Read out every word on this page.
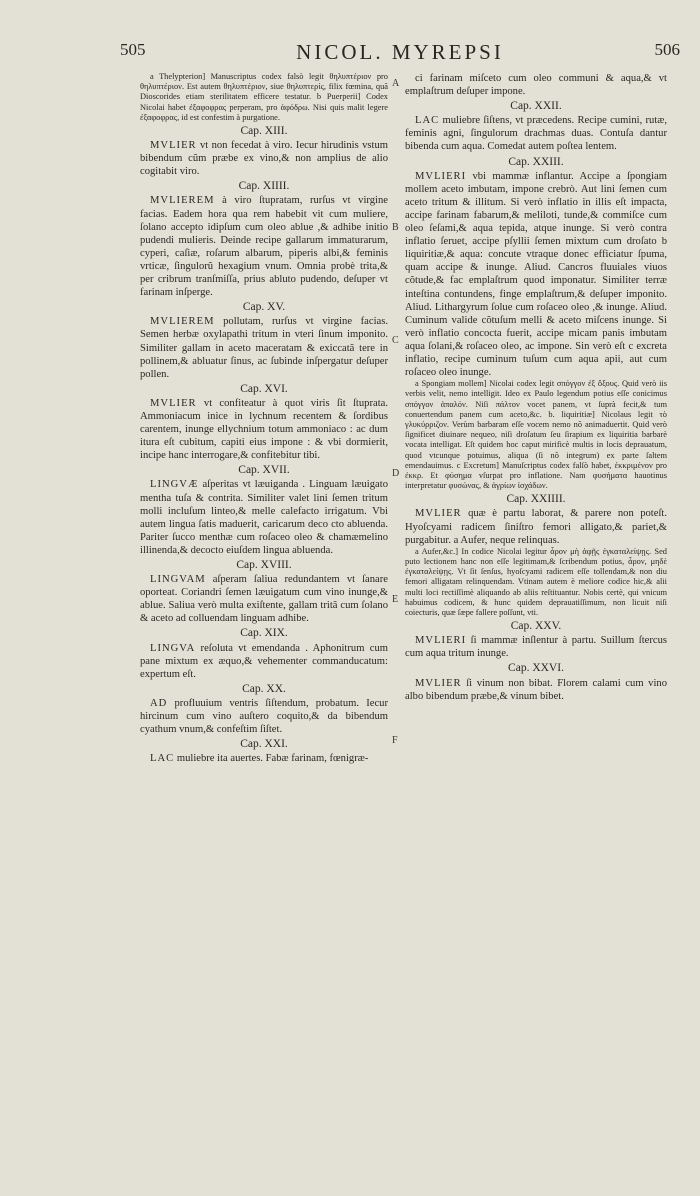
505	NICOL. MYREPSI	506

a Thelypterion] Manuscriptus codex falsò legit θηλυπτέριον pro θηλυπτέριον. Est autem θηλυπτέριον, siue θηλυπτερίς, filix fœmina, quã Dioscorides etiam sterilitatem efficere testatur. b Puerperii] Codex Nicolai habet ἐξαφοφρας perperam, pro ἀφόδρω. Nisi quis malit legere ἐξαφοφρας, id est confestim à purgatione.

Cap. XIII.

MVLIER vt non fecedat à viro. Iecur hirudinis vstum bibendum cũm præbe ex vino,& non amplius de alio cogitabit viro.

Cap. XIIII.

MVLIEREM à viro ſtupratam, rurſus vt virgine facias. Eadem hora qua rem habebit vit cum muliere, ſolano accepto idipſum cum oleo ablue ,& adhibe initio pudendi mulieris. Deinde recipe gallarum immaturarum, cyperi, caſiæ, roſarum albarum, piperis albi,& feminis vrticæ, ſingulorũ hexagium vnum. Omnia probè trita,& per cribrum tranſmiſſa, prius abluto pudendo, deſuper vt farinam inſperge.

Cap. XV.

MVLIEREM pollutam, rurſus vt virgine facias. Semen herbæ oxylapathi tritum in vteri ſinum imponito. Similiter gallam in aceto maceratam & exiccatã tere in pollinem,& abluatur ſinus, ac ſubinde inſpergatur deſuper pollen.

Cap. XVI.

MVLIER vt confiteatur à quot viris ſit ſtuprata. Ammoniacum inice in lychnum recentem & ſordibus carentem, inunge ellychnium totum ammoniaco : ac dum itura eſt cubitum, capiti eius impone : & vbi dormierit, incipe hanc interrogare,& confitebitur tibi.

Cap. XVII.

LINGVÆ aſperitas vt læuiganda . Linguam læuigato mentha tuſa & contrita. Similiter valet lini ſemen tritum molli incluſum linteo,& melle calefacto irrigatum. Vbi autem lingua ſatis maduerit, caricarum deco cto abluenda. Pariter ſucco menthæ cum roſaceo oleo & chamæmelino illinenda,& decocto eiuſdem lingua abluenda.

Cap. XVIII.

LINGVAM aſperam ſaliua redundantem vt ſanare oporteat. Coriandri ſemen læuigatum cum vino inunge,& ablue. Saliua verò multa exiſtente, gallam tritã cum ſolano & aceto ad colluendam linguam adhibe.

Cap. XIX.

LINGVA reſoluta vt emendanda . Aphonitrum cum pane mixtum ex æquo,& vehementer commanducatum: expertum eſt.

Cap. XX.

AD profluuium ventris ſiſtendum, probatum. Iecur hircinum cum vino auſtero coquito,& da bibendum cyathum vnum,& confeſtim ſiſtet.

Cap. XXI.

LAC muliebre ita auertes. Fabæ farinam, fœnigræ-

ci farinam miſceto cum oleo communi & aqua,& vt emplaſtrum deſuper impone.

Cap. XXII.

LAC muliebre ſiſtens, vt præcedens. Recipe cumini, rutæ, feminis agni, ſingulorum drachmas duas. Contuſa dantur bibenda cum aqua. Comedat autem poſtea lentem.

Cap. XXIII.

MVLIERI vbi mammæ inflantur. Accipe a ſpongiam mollem aceto imbutam, impone crebrò. Aut lini ſemen cum aceto tritum & illitum. Si verò inflatio in illis eſt impacta, accipe farinam fabarum,& meliloti, tunde,& commiſce cum oleo ſeſami,& aqua tepida, atque inunge. Si verò contra inflatio ſeruet, accipe pſyllii ſemen mixtum cum droſato b liquiritiæ,& aqua: concute vtraque donec efficiatur ſpuma, quam accipe & inunge. Aliud. Cancros fluuiales viuos cõtude,& fac emplaſtrum quod imponatur. Similiter terræ inteſtina contundens, finge emplaſtrum,& deſuper imponito. Aliud. Lithargyrum ſolue cum roſaceo oleo ,& inunge. Aliud. Cuminum valide cõtuſum melli & aceto miſcens inunge. Si verò inflatio concocta fuerit, accipe micam panis imbutam aqua ſolani,& roſaceo oleo, ac impone. Sin verò eſt c excreta inflatio, recipe cuminum tuſum cum aqua apii, aut cum roſaceo oleo inunge.

a Spongiam mollem] Nicolai codex legit σπόγγον ἐξ ὄξους. Quid verò iis verbis velit, nemo intelligit. Ideo ex Paulo legendum potius eſſe conicimus σπόγγον ἁπαλόν. Niſi πάλτον vocet panem, vt ſuprà fecit,& tum conuertendum panem cum aceto,&c. b. liquiritiæ] Nicolaus legit τὸ γλυκύρριζον. Verùm barbaram eſſe vocem nemo nõ animaduertit. Quid verò ſignificet diuinare nequeo, niſi droſatum ſeu ſirapium ex liquiritia barbarè vocata intelligat. Eſt quidem hoc caput mirificè multis in locis deprauatum, quod vtcunque potuimus, aliqua (ſi nõ integrum) ex parte ſaltem emendauimus. c Excretum] Manuſcriptus codex falſò habet, ἐκκριμένον pro ἐκκρ. Et φύσημα vſurpat pro inflatione. Nam φυσήματα hauotinus interpretatur φυσώνας, & ἀγρίων ἰσχάδων.

Cap. XXIIII.

MVLIER quæ è partu laborat, & parere non poteſt. Hyoſcyami radicem ſiniſtro femori alligato,& pariet,& purgabitur. a Aufer, neque relinquas.

a Aufer,&c.] In codice Nicolai legitur ἆρον μὴ ἀφῇς ἐγκαταλείψῃς. Sed puto lectionem hanc non eſſe legitimam,& ſcribendum potius, ἆρον, μηδὲ ἐγκαταλείψῃς. Vt ſit ſenſus, hyoſcyami radicem eſſe tollendam,& non diu femori alligatam relinquendam. Vtinam autem è meliore codice hic,& alii multi loci rectiſſimè aliquando ab aliis reſtituantur. Nobis certè, qui vnicum habuimus codicem, & hunc quidem deprauatiſſimum, non licuit niſi coiecturis, quæ ſæpe fallere poſſunt, vti.

Cap. XXV.

MVLIERI ſi mammæ inſlentur à partu. Suillum ſtercus cum aqua tritum inunge.

Cap. XXVI.

MVLIER ſi vinum non bibat. Florem calami cum vino albo bibendum præbe,& vinum bibet.

A
B
C
D
E
F
